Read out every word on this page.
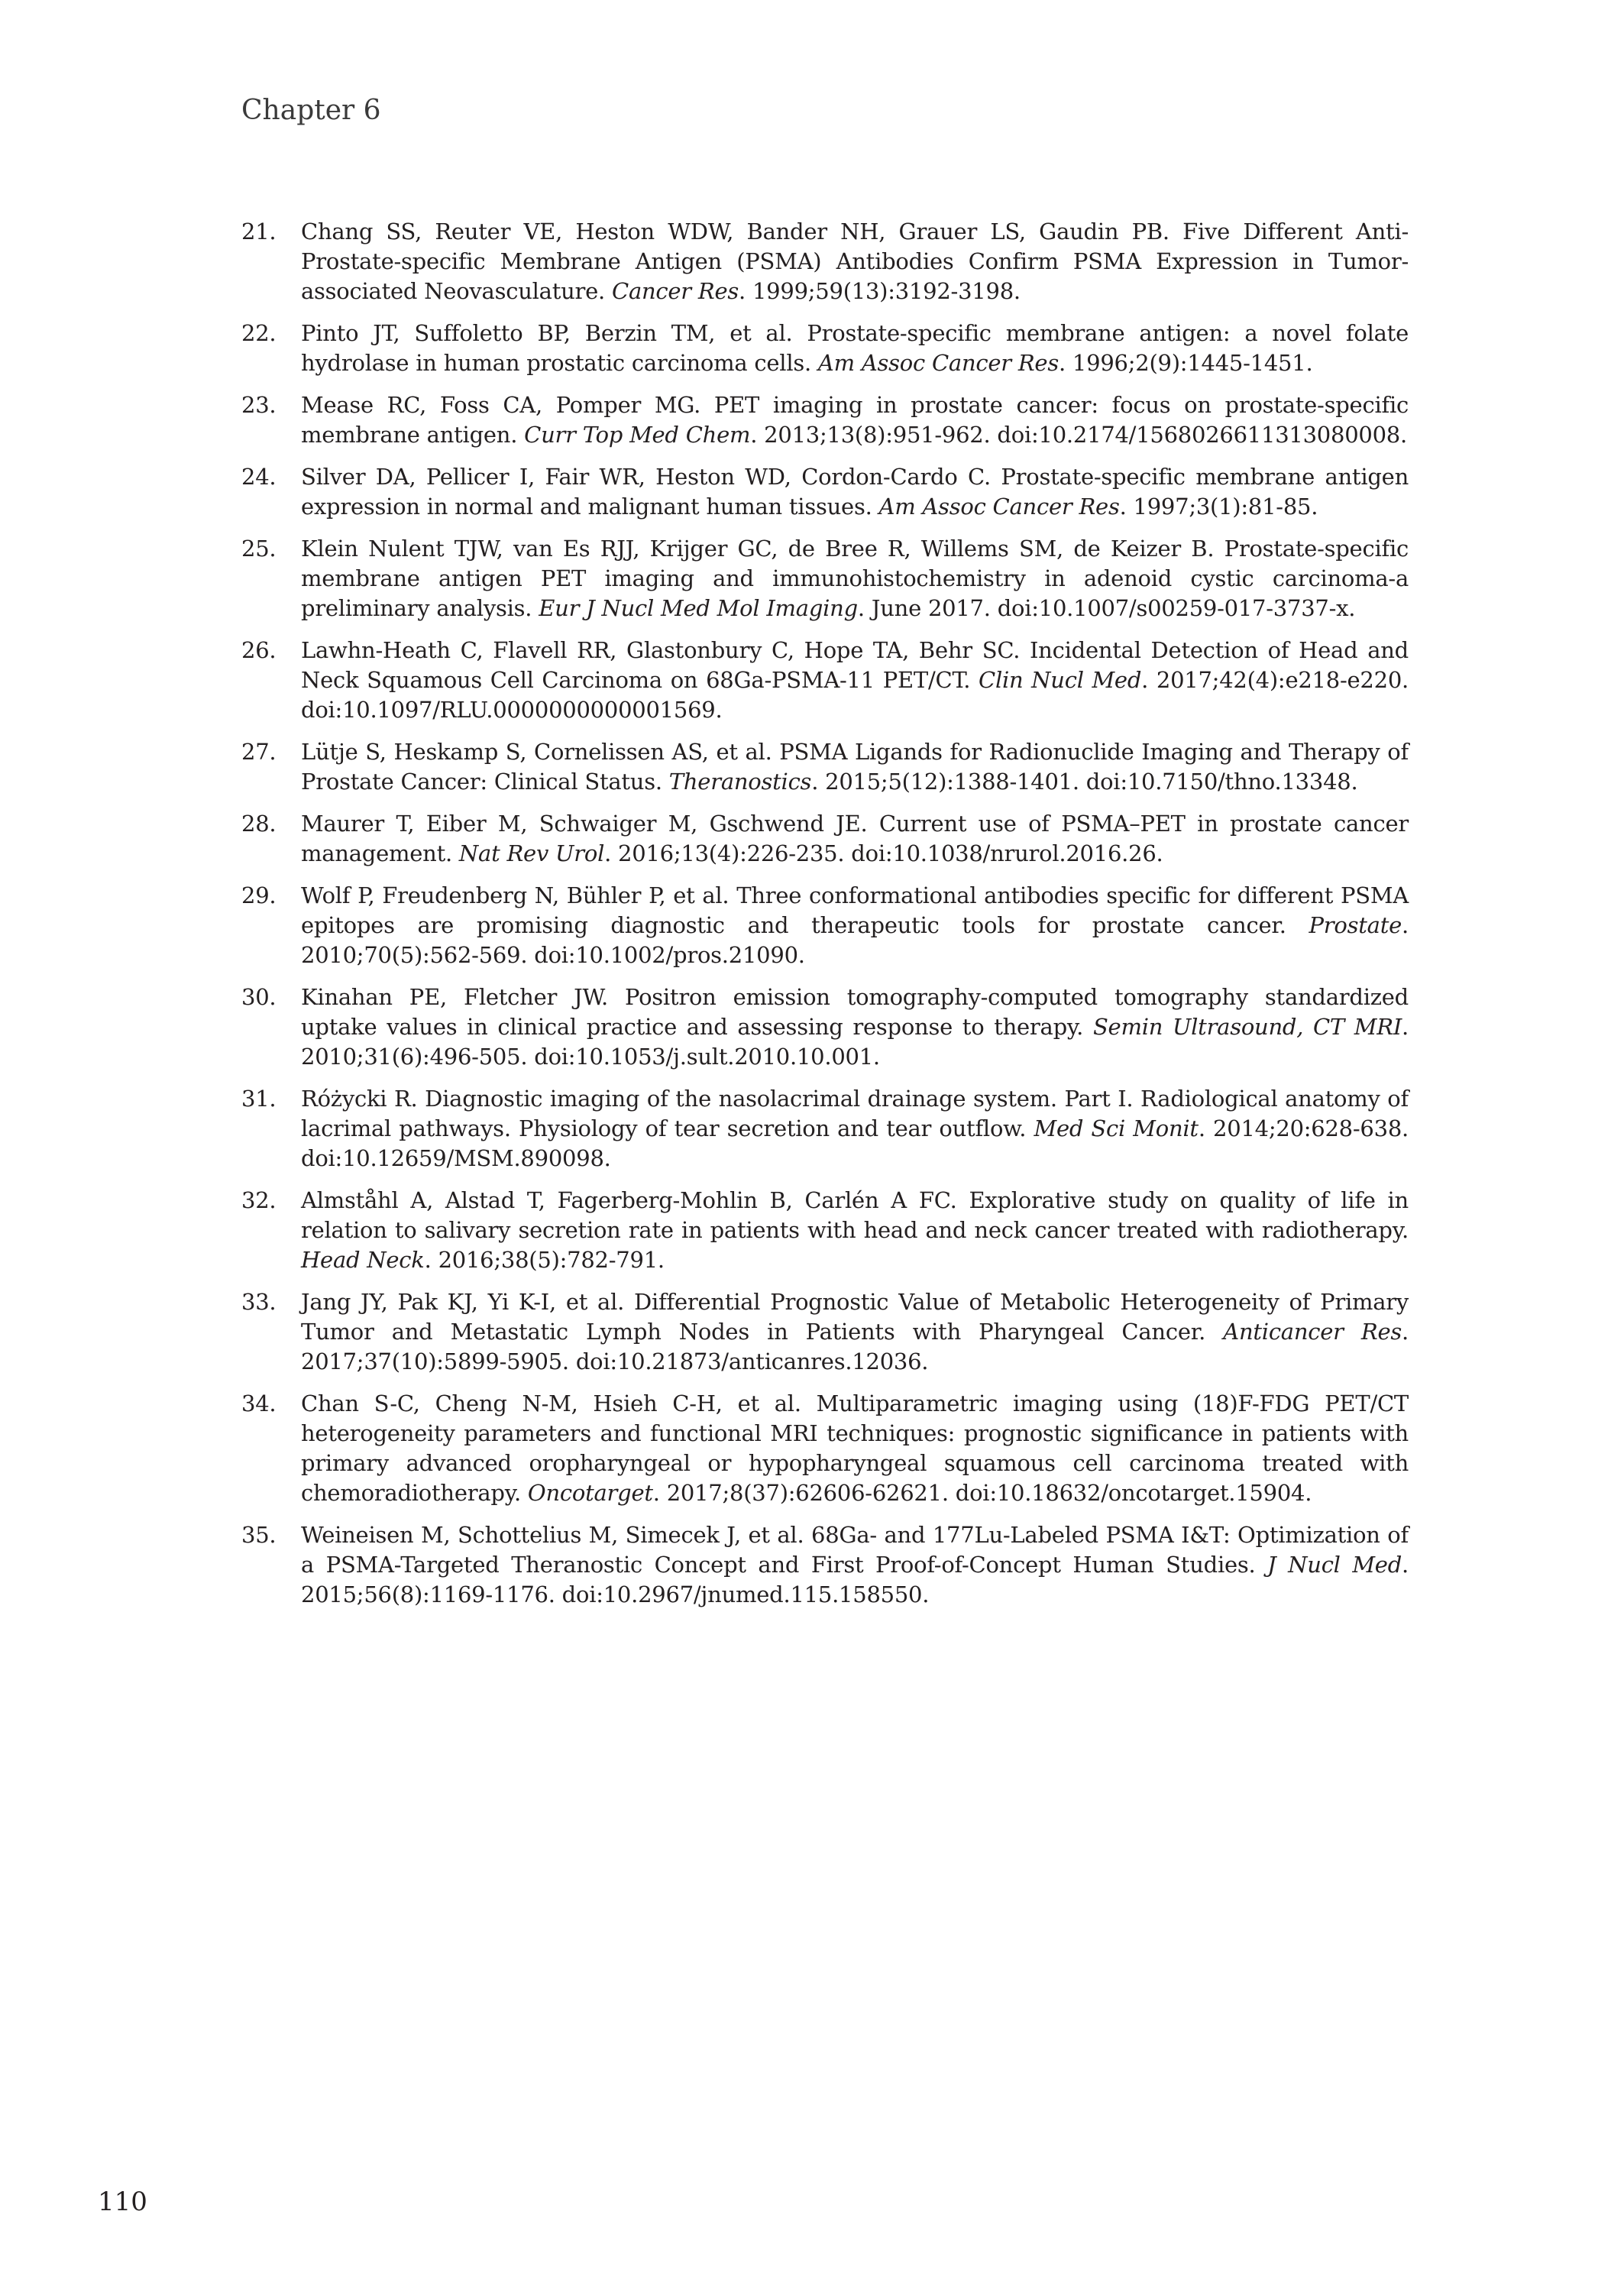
Chapter 6
21. Chang SS, Reuter VE, Heston WDW, Bander NH, Grauer LS, Gaudin PB. Five Different Anti-Prostate-specific Membrane Antigen (PSMA) Antibodies Confirm PSMA Expression in Tumor-associated Neovasculature. Cancer Res. 1999;59(13):3192-3198.
22. Pinto JT, Suffoletto BP, Berzin TM, et al. Prostate-specific membrane antigen: a novel folate hydrolase in human prostatic carcinoma cells. Am Assoc Cancer Res. 1996;2(9):1445-1451.
23. Mease RC, Foss CA, Pomper MG. PET imaging in prostate cancer: focus on prostate-specific membrane antigen. Curr Top Med Chem. 2013;13(8):951-962. doi:10.2174/1568026611313080008.
24. Silver DA, Pellicer I, Fair WR, Heston WD, Cordon-Cardo C. Prostate-specific membrane antigen expression in normal and malignant human tissues. Am Assoc Cancer Res. 1997;3(1):81-85.
25. Klein Nulent TJW, van Es RJJ, Krijger GC, de Bree R, Willems SM, de Keizer B. Prostate-specific membrane antigen PET imaging and immunohistochemistry in adenoid cystic carcinoma-a preliminary analysis. Eur J Nucl Med Mol Imaging. June 2017. doi:10.1007/s00259-017-3737-x.
26. Lawhn-Heath C, Flavell RR, Glastonbury C, Hope TA, Behr SC. Incidental Detection of Head and Neck Squamous Cell Carcinoma on 68Ga-PSMA-11 PET/CT. Clin Nucl Med. 2017;42(4):e218-e220. doi:10.1097/RLU.0000000000001569.
27. Lütje S, Heskamp S, Cornelissen AS, et al. PSMA Ligands for Radionuclide Imaging and Therapy of Prostate Cancer: Clinical Status. Theranostics. 2015;5(12):1388-1401. doi:10.7150/thno.13348.
28. Maurer T, Eiber M, Schwaiger M, Gschwend JE. Current use of PSMA–PET in prostate cancer management. Nat Rev Urol. 2016;13(4):226-235. doi:10.1038/nrurol.2016.26.
29. Wolf P, Freudenberg N, Bühler P, et al. Three conformational antibodies specific for different PSMA epitopes are promising diagnostic and therapeutic tools for prostate cancer. Prostate. 2010;70(5):562-569. doi:10.1002/pros.21090.
30. Kinahan PE, Fletcher JW. Positron emission tomography-computed tomography standardized uptake values in clinical practice and assessing response to therapy. Semin Ultrasound, CT MRI. 2010;31(6):496-505. doi:10.1053/j.sult.2010.10.001.
31. Różycki R. Diagnostic imaging of the nasolacrimal drainage system. Part I. Radiological anatomy of lacrimal pathways. Physiology of tear secretion and tear outflow. Med Sci Monit. 2014;20:628-638. doi:10.12659/MSM.890098.
32. Almståhl A, Alstad T, Fagerberg-Mohlin B, Carlén A FC. Explorative study on quality of life in relation to salivary secretion rate in patients with head and neck cancer treated with radiotherapy. Head Neck. 2016;38(5):782-791.
33. Jang JY, Pak KJ, Yi K-I, et al. Differential Prognostic Value of Metabolic Heterogeneity of Primary Tumor and Metastatic Lymph Nodes in Patients with Pharyngeal Cancer. Anticancer Res. 2017;37(10):5899-5905. doi:10.21873/anticanres.12036.
34. Chan S-C, Cheng N-M, Hsieh C-H, et al. Multiparametric imaging using (18)F-FDG PET/CT heterogeneity parameters and functional MRI techniques: prognostic significance in patients with primary advanced oropharyngeal or hypopharyngeal squamous cell carcinoma treated with chemoradiotherapy. Oncotarget. 2017;8(37):62606-62621. doi:10.18632/oncotarget.15904.
35. Weineisen M, Schottelius M, Simecek J, et al. 68Ga- and 177Lu-Labeled PSMA I&T: Optimization of a PSMA-Targeted Theranostic Concept and First Proof-of-Concept Human Studies. J Nucl Med. 2015;56(8):1169-1176. doi:10.2967/jnumed.115.158550.
110
